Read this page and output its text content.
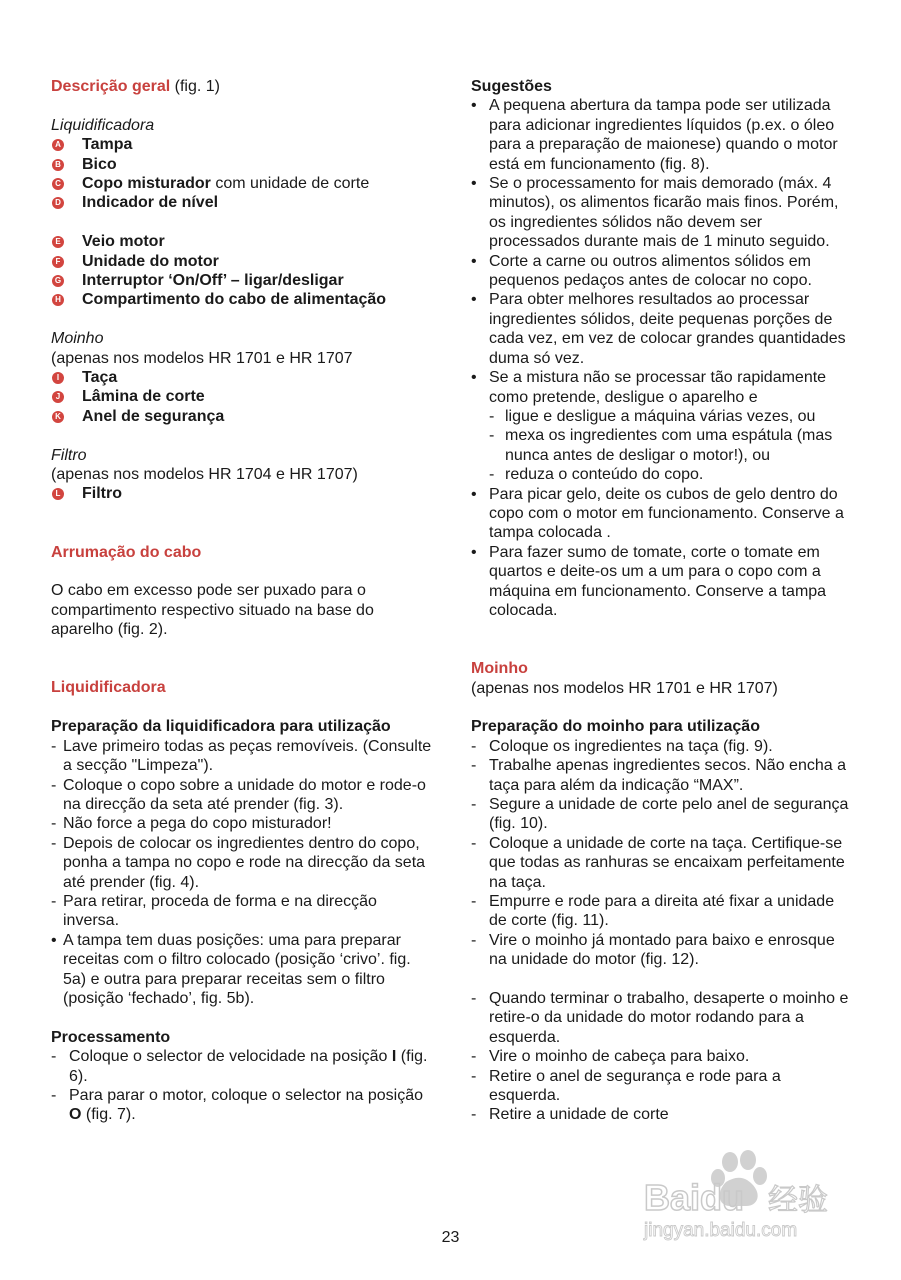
Descrição geral (fig. 1)
Liquidificadora
A Tampa
B Bico
C Copo misturador com unidade de corte
D Indicador de nível
E Veio motor
F Unidade do motor
G Interruptor ‘On/Off’ – ligar/desligar
H Compartimento do cabo de alimentação
Moinho
(apenas nos modelos HR 1701 e HR 1707
I	Taça
J Lâmina de corte
K Anel de segurança
Filtro
(apenas nos modelos HR 1704 e HR 1707)
L Filtro
Arrumação do cabo
O cabo em excesso pode ser puxado para o compartimento respectivo situado na base do aparelho (fig. 2).
Liquidificadora
Preparação da liquidificadora para utilização
- Lave primeiro todas as peças removíveis. (Consulte a secção "Limpeza").
- Coloque o copo sobre a unidade do motor e rode-o na direcção da seta até prender (fig. 3).
- Não force a pega do copo misturador!
- Depois de colocar os ingredientes dentro do copo, ponha a tampa no copo e rode na direcção da seta até prender (fig. 4).
- Para retirar, proceda de forma e na direcção inversa.
• A tampa tem duas posições: uma para preparar receitas com o filtro colocado (posição ‘crivo’. fig. 5a) e outra para preparar receitas sem o filtro (posição ‘fechado’, fig. 5b).
Processamento
- Coloque o selector de velocidade na posição I (fig. 6).
- Para parar o motor, coloque o selector na posição O (fig. 7).
Sugestões
• A pequena abertura da tampa pode ser utilizada para adicionar ingredientes líquidos (p.ex. o óleo para a preparação de maionese) quando o motor está em funcionamento (fig. 8).
• Se o processamento for mais demorado (máx. 4 minutos), os alimentos ficarão mais finos. Porém, os ingredientes sólidos não devem ser processados durante mais de 1 minuto seguido.
• Corte a carne ou outros alimentos sólidos em pequenos pedaços antes de colocar no copo.
• Para obter melhores resultados ao processar ingredientes sólidos, deite pequenas porções de cada vez, em vez de colocar grandes quantidades duma só vez.
• Se a mistura não se processar tão rapidamente como pretende, desligue o aparelho e
- ligue e desligue a máquina várias vezes, ou
- mexa os ingredientes com uma espátula (mas nunca antes de desligar o motor!), ou
- reduza o conteúdo do copo.
• Para picar gelo, deite os cubos de gelo dentro do copo com o motor em funcionamento. Conserve a tampa colocada .
• Para fazer sumo de tomate, corte o tomate em quartos e deite-os um a um para o copo com a máquina em funcionamento. Conserve a tampa colocada.
Moinho
(apenas nos modelos HR 1701 e HR 1707)
Preparação do moinho para utilização
- Coloque os ingredientes na taça (fig. 9).
- Trabalhe apenas ingredientes secos. Não encha a taça para além da indicação “MAX”.
- Segure a unidade de corte pelo anel de segurança (fig. 10).
- Coloque a unidade de corte na taça. Certifique-se que todas as ranhuras se encaixam perfeitamente na taça.
- Empurre e rode para a direita até fixar a unidade de corte (fig. 11).
- Vire o moinho já montado para baixo e enrosque na unidade do motor (fig. 12).
- Quando terminar o trabalho, desaperte o moinho e retire-o da unidade do motor rodando para a esquerda.
- Vire o moinho de cabeça para baixo.
- Retire o anel de segurança e rode para a esquerda.
- Retire a unidade de corte
23
Baidu 经验
jingyan.baidu.com
